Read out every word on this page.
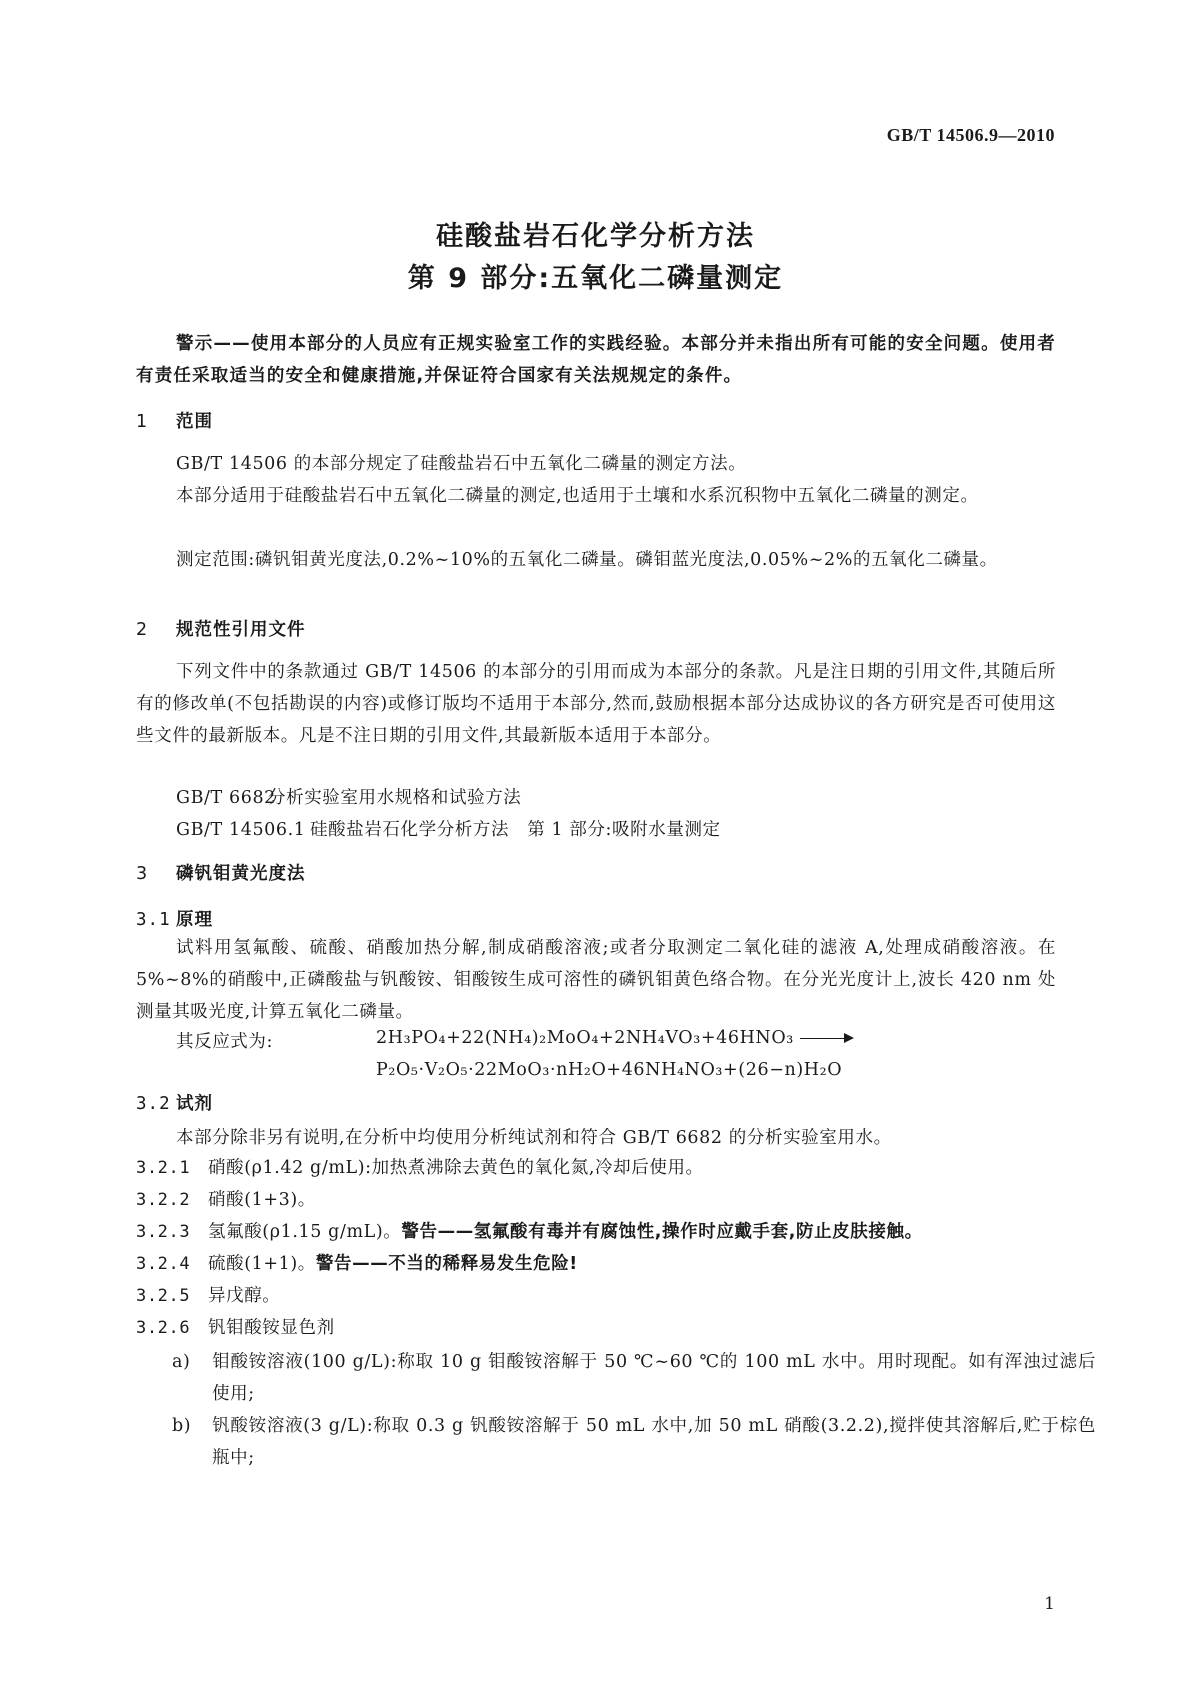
GB/T 14506.9—2010
硅酸盐岩石化学分析方法
第 9 部分:五氧化二磷量测定
警示——使用本部分的人员应有正规实验室工作的实践经验。本部分并未指出所有可能的安全问题。使用者有责任采取适当的安全和健康措施,并保证符合国家有关法规规定的条件。
1 范围
GB/T 14506 的本部分规定了硅酸盐岩石中五氧化二磷量的测定方法。
本部分适用于硅酸盐岩石中五氧化二磷量的测定,也适用于土壤和水系沉积物中五氧化二磷量的测定。
测定范围:磷钒钼黄光度法,0.2%~10%的五氧化二磷量。磷钼蓝光度法,0.05%~2%的五氧化二磷量。
2 规范性引用文件
下列文件中的条款通过 GB/T 14506 的本部分的引用而成为本部分的条款。凡是注日期的引用文件,其随后所有的修改单(不包括勘误的内容)或修订版均不适用于本部分,然而,鼓励根据本部分达成协议的各方研究是否可使用这些文件的最新版本。凡是不注日期的引用文件,其最新版本适用于本部分。
GB/T 6682分析实验室用水规格和试验方法
GB/T 14506.1 硅酸盐岩石化学分析方法　第 1 部分:吸附水量测定
3 磷钒钼黄光度法
3.1 原理
试料用氢氟酸、硫酸、硝酸加热分解,制成硝酸溶液;或者分取测定二氧化硅的滤液 A,处理成硝酸溶液。在 5%~8%的硝酸中,正磷酸盐与钒酸铵、钼酸铵生成可溶性的磷钒钼黄色络合物。在分光光度计上,波长 420 nm 处测量其吸光度,计算五氧化二磷量。
其反应式为:	2H₃PO₄+22(NH₄)₂MoO₄+2NH₄VO₃+46HNO₃ →
P₂O₅·V₂O₅·22MoO₃·nH₂O+46NH₄NO₃+(26−n)H₂O
3.2 试剂
本部分除非另有说明,在分析中均使用分析纯试剂和符合 GB/T 6682 的分析实验室用水。
3.2.1 硝酸(ρ1.42 g/mL):加热煮沸除去黄色的氧化氮,冷却后使用。
3.2.2 硝酸(1+3)。
3.2.3 氢氟酸(ρ1.15 g/mL)。警告——氢氟酸有毒并有腐蚀性,操作时应戴手套,防止皮肤接触。
3.2.4 硫酸(1+1)。警告——不当的稀释易发生危险!
3.2.5 异戊醇。
3.2.6 钒钼酸铵显色剂
a) 钼酸铵溶液(100 g/L):称取 10 g 钼酸铵溶解于 50 ℃~60 ℃的 100 mL 水中。用时现配。如有浑浊过滤后使用;
b) 钒酸铵溶液(3 g/L):称取 0.3 g 钒酸铵溶解于 50 mL 水中,加 50 mL 硝酸(3.2.2),搅拌使其溶解后,贮于棕色瓶中;
1
